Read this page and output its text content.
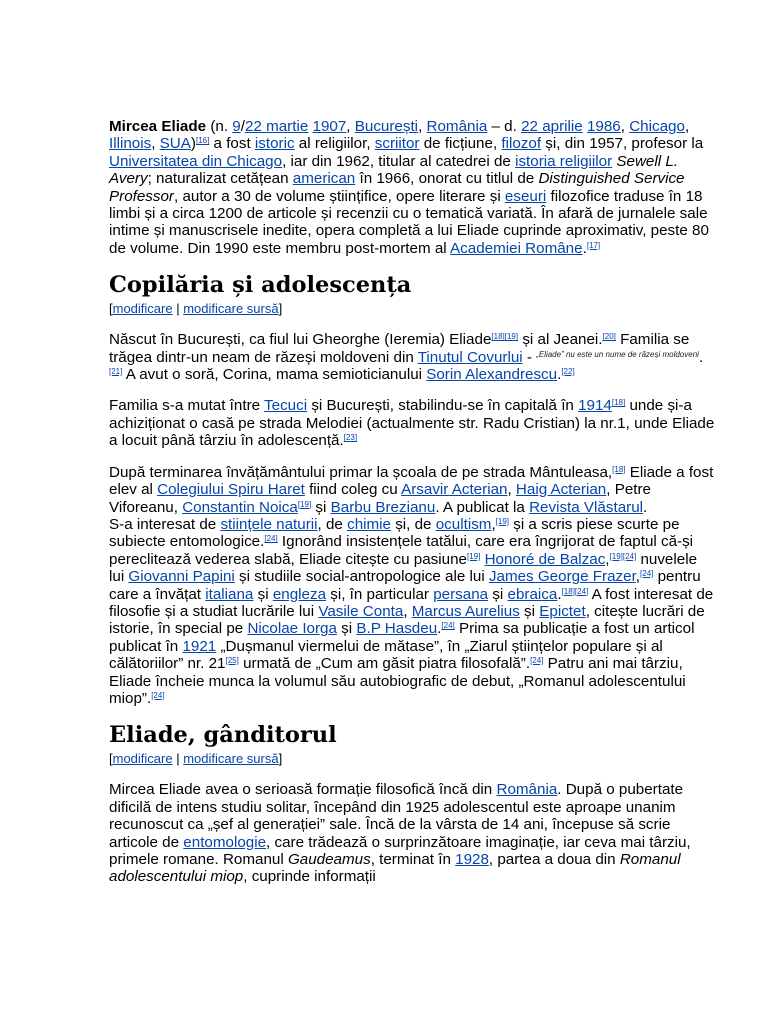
Mircea Eliade (n. 9/22 martie 1907, București, România – d. 22 aprilie 1986, Chicago, Illinois, SUA)[16] a fost istoric al religiilor, scriitor de ficțiune, filozof și, din 1957, profesor la Universitatea din Chicago, iar din 1962, titular al catedrei de istoria religiilor Sewell L. Avery; naturalizat cetățean american în 1966, onorat cu titlul de Distinguished Service Professor, autor a 30 de volume științifice, opere literare și eseuri filozofice traduse în 18 limbi și a circa 1200 de articole și recenzii cu o tematică variată. În afară de jurnalele sale intime și manuscrisele inedite, opera completă a lui Eliade cuprinde aproximativ, peste 80 de volume. Din 1990 este membru post-mortem al Academiei Române.[17]

Copilăria și adolescența
[modificare | modificare sursă]

Născut în București, ca fiul lui Gheorghe (Ieremia) Eliade[18][19] și al Jeanei.[20] Familia se trăgea dintr-un neam de răzeși moldoveni din Tinutul Covurlui - $^{„Eliade” nu este un nume de răzeși moldoveni}$.[21] A avut o soră, Corina, mama semioticianului Sorin Alexandrescu.[22]

Familia s-a mutat între Tecuci și București, stabilindu-se în capitală în 1914[18] unde și-a achiziționat o casă pe strada Melodiei (actualmente str. Radu Cristian) la nr.1, unde Eliade a locuit până târziu în adolescență.[23]

După terminarea învățământului primar la școala de pe strada Mântuleasa,[18] Eliade a fost elev al Colegiului Spiru Haret fiind coleg cu Arsavir Acterian, Haig Acterian, Petre Viforeanu, Constantin Noica[19] și Barbu Brezianu. A publicat la Revista Vlăstarul.

S-a interesat de stiințele naturii, de chimie și, de ocultism,[19] și a scris piese scurte pe subiecte entomologice.[24] Ignorând insistențele tatălui, care era îngrijorat de faptul că-și perecliteazǎ vederea slabă, Eliade citește cu pasiune[19] Honoré de Balzac,[19][24] nuvelele lui Giovanni Papini și studiile social-antropologice ale lui James George Frazer,[24] pentru care a învățat italiana și engleza și, în particular persana și ebraica.[18][24] A fost interesat de filosofie și a studiat lucrările lui Vasile Conta, Marcus Aurelius și Epictet, citește lucrări de istorie, în special pe Nicolae Iorga și B.P Hasdeu.[24] Prima sa publicație a fost un articol publicat în 1921 „Dușmanul viermelui de mătase”, în „Ziarul științelor populare și al călătoriilor” nr. 21[25] urmată de „Cum am găsit piatra filosofală”.[24] Patru ani mai târziu, Eliade încheie munca la volumul său autobiografic de debut, „Romanul adolescentului miop”.[24]

Eliade, gânditorul
[modificare | modificare sursă]

Mircea Eliade avea o serioasă formație filosofică încă din România. După o pubertate dificilă de intens studiu solitar, începând din 1925 adolescentul este aproape unanim recunoscut ca „șef al generației” sale. Încă de la vârsta de 14 ani, începuse să scrie articole de entomologie, care trădează o surprinzătoare imaginație, iar ceva mai târziu, primele romane. Romanul Gaudeamus, terminat în 1928, partea a doua din Romanul adolescentului miop, cuprinde informații
